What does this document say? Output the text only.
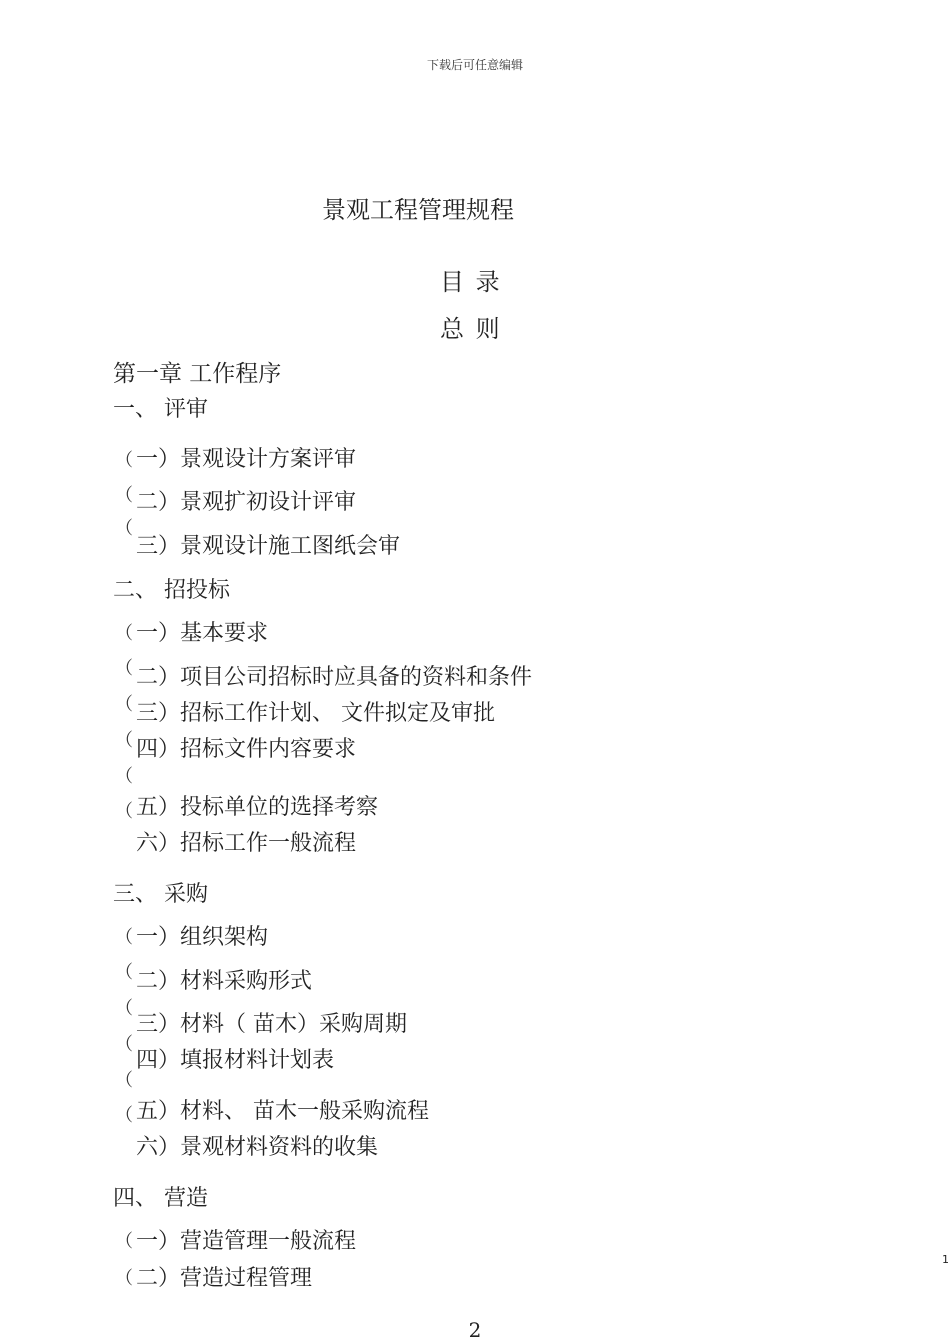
下载后可任意编辑
景观工程管理规程
目 录
总 则
第一章 工作程序
一、 评审
（ 一）景观设计方案评审
（ 二）景观扩初设计评审
（
三）景观设计施工图纸会审
二、 招投标
（ 一）基本要求
（ 二）项目公司招标时应具备的资料和条件
（ 三）招标工作计划、 文件拟定及审批
（ 四）招标文件内容要求
（
（ 五）投标单位的选择考察
六）招标工作一般流程
三、 采购
（ 一）组织架构
（ 二）材料采购形式
（
三）材料（ 苗木）采购周期
（
四）填报材料计划表
（
（ 五）材料、 苗木一般采购流程
六）景观材料资料的收集
四、 营造
（ 一）营造管理一般流程
（ 二）营造过程管理
1
2
